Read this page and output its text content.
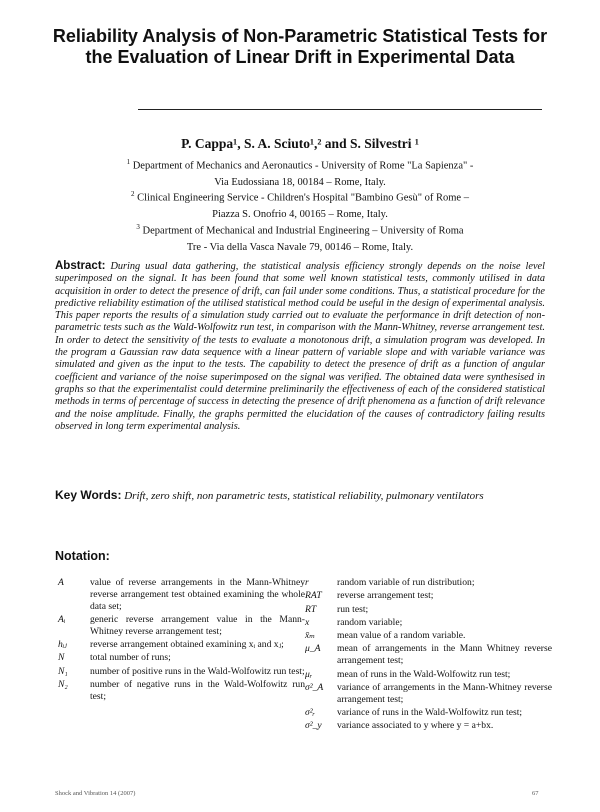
Reliability Analysis of Non-Parametric Statistical Tests for the Evaluation of Linear Drift in Experimental Data

P. Cappa¹, S. A. Sciuto¹,² and S. Silvestri ¹

$^1$ Department of Mechanics and Aeronautics - University of Rome "La Sapienza" -
Via Eudossiana 18, 00184 – Rome, Italy.

$^2$ Clinical Engineering Service - Children's Hospital "Bambino Gesù" of Rome –
Piazza S. Onofrio 4, 00165 – Rome, Italy.

$^3$ Department of Mechanical and Industrial Engineering – University of Roma
Tre - Via della Vasca Navale 79, 00146 – Rome, Italy.

Abstract: During usual data gathering, the statistical analysis efficiency strongly depends on the noise level superimposed on the signal. It has been found that some well known statistical tests, commonly utilised in data acquisition in order to detect the presence of drift, can fail under some conditions. Thus, a statistical procedure for the predictive reliability estimation of the utilised statistical method could be useful in the design of experimental analysis. This paper reports the results of a simulation study carried out to evaluate the performance in drift detection of non-parametric tests such as the Wald-Wolfowitz run test, in comparison with the Mann-Whitney, reverse arrangement test. In order to detect the sensitivity of the tests to evaluate a monotonous drift, a simulation program was developed. In the program a Gaussian raw data sequence with a linear pattern of variable slope and with variable variance was simulated and given as the input to the tests. The capability to detect the presence of drift as a function of angular coefficient and variance of the noise superimposed on the signal was verified. The obtained data were synthesised in graphs so that the experimentalist could determine preliminarily the effectiveness of each of the considered statistical methods in terms of percentage of success in detecting the presence of drift phenomena as a function of drift relevance and the noise amplitude. Finally, the graphs permitted the elucidation of the causes of contradictory failing results observed in long term experimental analysis.

Key Words: Drift, zero shift, non parametric tests, statistical reliability, pulmonary ventilators

Notation:
A	value of reverse arrangements in the Mann-Whitney reverse arrangement test obtained examining the whole data set;
Aᵢ	generic reverse arrangement value in the Mann-Whitney reverse arrangement test;
hᵢⱼ	reverse arrangement obtained examining xᵢ and xⱼ;
N	total number of runs;
N₁	number of positive runs in the Wald-Wolfowitz run test;
N₂	number of negative runs in the Wald-Wolfowitz run test;
r	random variable of run distribution;
RAT	reverse arrangement test;
RT	run test;
x	random variable;
x̄ₘ	mean value of a random variable.
μ_A	mean of arrangements in the Mann Whitney reverse arrangement test;
μᵣ	mean of runs in the Wald-Wolfowitz run test;
σ²_A	variance of arrangements in the Mann-Whitney reverse arrangement test;
σ²ᵣ	variance of runs in the Wald-Wolfowitz run test;
σ²_y	variance associated to y where y = a+bx.

Shock and Vibration 14 (2007)	67
